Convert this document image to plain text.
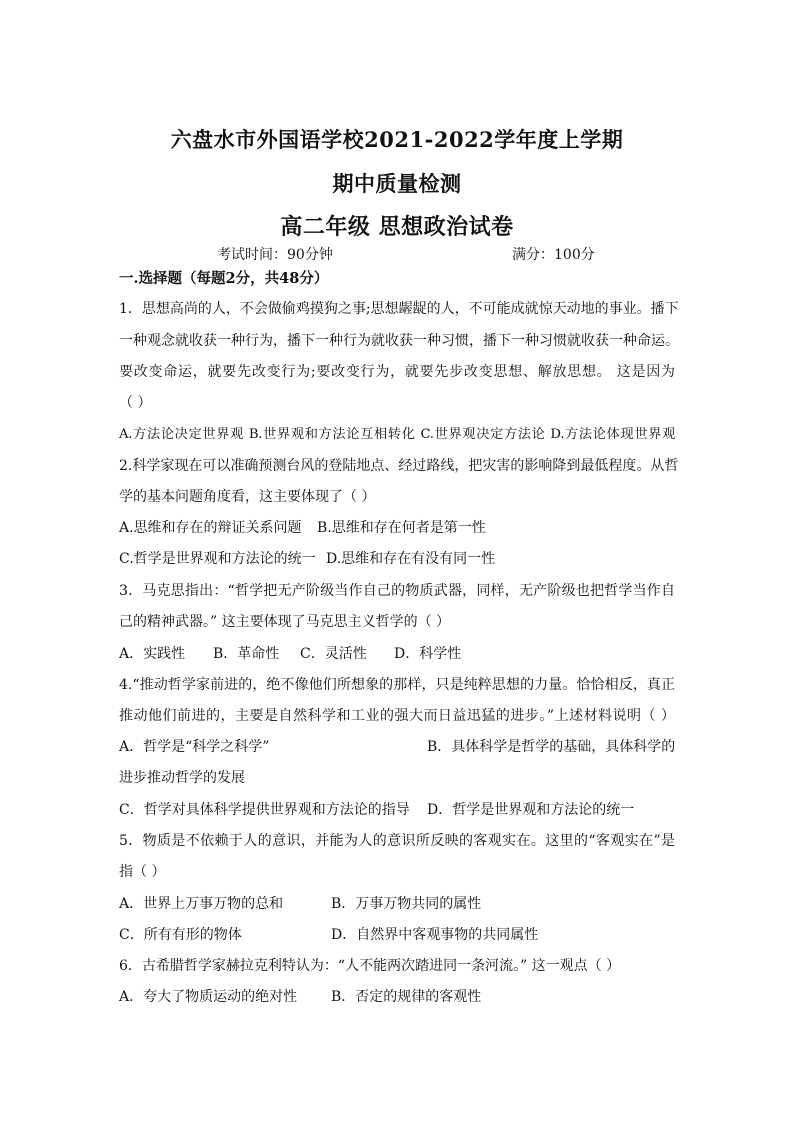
六盘水市外国语学校2021-2022学年度上学期
期中质量检测
高二年级 思想政治试卷
考试时间：90分钟	满分：100分
一.选择题（每题2分，共48分）
1．思想高尚的人，不会做偷鸡摸狗之事;思想龌龊的人，不可能成就惊天动地的事业。播下
一种观念就收获一种行为，播下一种行为就收获一种习惯，播下一种习惯就收获一种命运。
要改变命运，就要先改变行为;要改变行为，就要先步改变思想、解放思想。 这是因为
（ ）
A.方法论决定世界观 B.世界观和方法论互相转化 C.世界观决定方法论 D.方法论体现世界观
2.科学家现在可以准确预测台风的登陆地点、经过路线，把灾害的影响降到最低程度。从哲
学的基本问题角度看，这主要体现了（ ）
A.思维和存在的辩证关系问题 B.思维和存在何者是第一性
C.哲学是世界观和方法论的统一 D.思维和存在有没有同一性
3．马克思指出：“哲学把无产阶级当作自己的物质武器，同样，无产阶级也把哲学当作自
己的精神武器。” 这主要体现了马克思主义哲学的（ ）
A．实践性 B．革命性 C．灵活性 D．科学性
4.“推动哲学家前进的，绝不像他们所想象的那样，只是纯粹思想的力量。恰恰相反，真正
推动他们前进的，主要是自然科学和工业的强大而日益迅猛的进步。”上述材料说明（ ）
A．哲学是“科学之科学”	B．具体科学是哲学的基础，具体科学的
进步推动哲学的发展
C．哲学对具体科学提供世界观和方法论的指导 D．哲学是世界观和方法论的统一
5．物质是不依赖于人的意识，并能为人的意识所反映的客观实在。这里的“客观实在”是
指（ ）
A．世界上万事万物的总和	B．万事万物共同的属性
C．所有有形的物体	D．自然界中客观事物的共同属性
6．古希腊哲学家赫拉克利特认为：“人不能两次踏进同一条河流。” 这一观点（ ）
A．夸大了物质运动的绝对性 B．否定的规律的客观性
